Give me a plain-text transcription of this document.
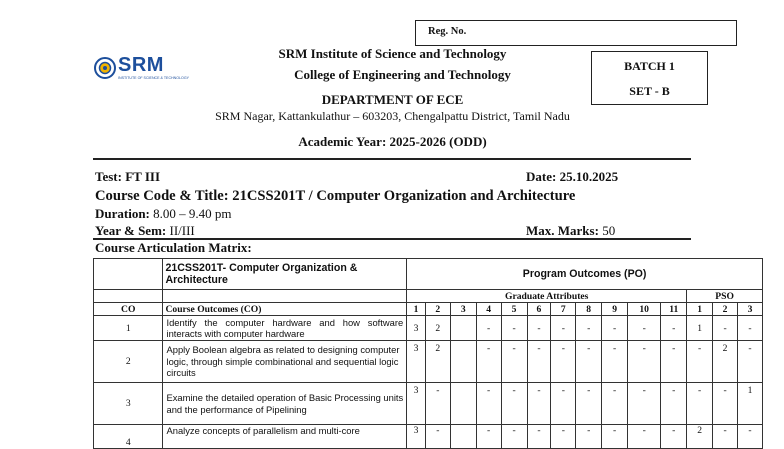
Reg. No.
SRM
INSTITUTE OF SCIENCE & TECHNOLOGY
SRM Institute of Science and Technology
College of Engineering and Technology
DEPARTMENT OF ECE
SRM Nagar, Kattankulathur – 603203, Chengalpattu District, Tamil Nadu
Academic Year: 2025-2026 (ODD)
BATCH 1
SET - B
Test: FT III	Date: 25.10.2025
Course Code & Title: 21CSS201T / Computer Organization and Architecture
Duration: 8.00 – 9.40 pm
Year & Sem: II/III	Max. Marks: 50
Course Articulation Matrix:
	21CSS201T- Computer Organization & Architecture	Program Outcomes (PO)													
		Graduate Attributes											PSO		
CO	Course Outcomes (CO)	1	2	3	4	5	6	7	8	9	10	11	1	2	3
1	Identify the computer hardware and how software interacts with computer hardware	3	2		-	-	-	-	-	-	-	-	1	-	-
2	Apply Boolean algebra as related to designing computer logic, through simple combinational and sequential logic circuits	3	2		-	-	-	-	-	-	-	-	-	2	-
3	Examine the detailed operation of Basic Processing units and the performance of Pipelining	3	-		-	-	-	-	-	-	-	-	-	-	1
4	Analyze concepts of parallelism and multi-core	3	-		-	-	-	-	-	-	-	-	2	-	-
